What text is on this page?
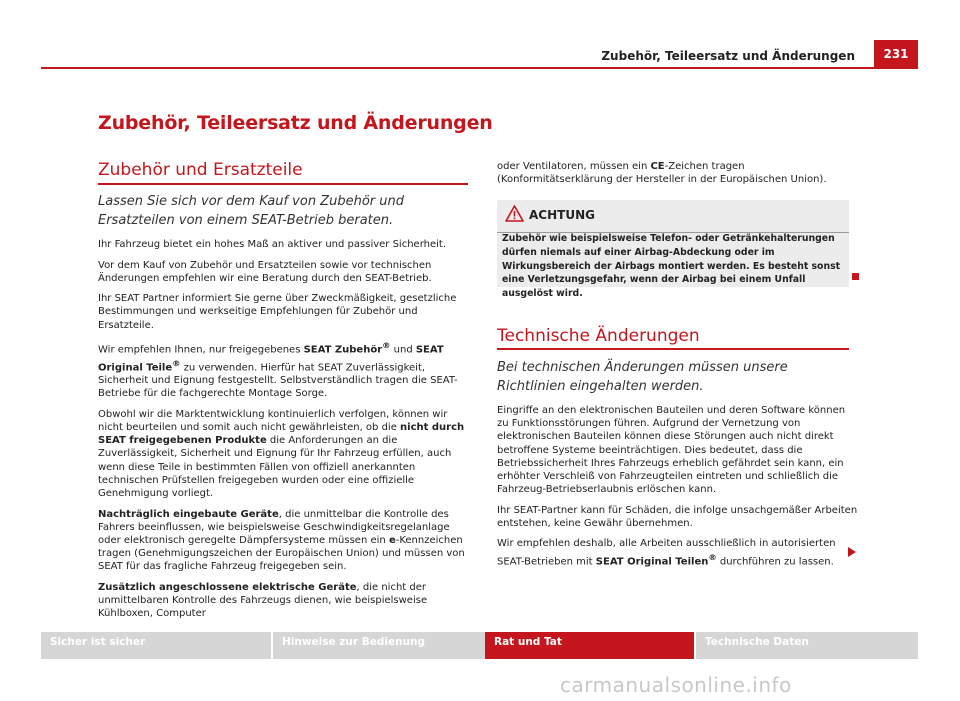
Zubehör, Teileersatz und Änderungen	231
Zubehör, Teileersatz und Änderungen
Zubehör und Ersatzteile

Lassen Sie sich vor dem Kauf von Zubehör und Ersatzteilen von einem SEAT-Betrieb beraten.

Ihr Fahrzeug bietet ein hohes Maß an aktiver und passiver Sicherheit.

Vor dem Kauf von Zubehör und Ersatzteilen sowie vor technischen Änderungen empfehlen wir eine Beratung durch den SEAT-Betrieb.

Ihr SEAT Partner informiert Sie gerne über Zweckmäßigkeit, gesetzliche Bestimmungen und werkseitige Empfehlungen für Zubehör und Ersatzteile.

Wir empfehlen Ihnen, nur freigegebenes SEAT Zubehör® und SEAT Original Teile® zu verwenden. Hierfür hat SEAT Zuverlässigkeit, Sicherheit und Eignung festgestellt. Selbstverständlich tragen die SEAT-Betriebe für die fachgerechte Montage Sorge.

Obwohl wir die Marktentwicklung kontinuierlich verfolgen, können wir nicht beurteilen und somit auch nicht gewährleisten, ob die nicht durch SEAT freigegebenen Produkte die Anforderungen an die Zuverlässigkeit, Sicherheit und Eignung für Ihr Fahrzeug erfüllen, auch wenn diese Teile in bestimmten Fällen von offiziell anerkannten technischen Prüfstellen freigegeben wurden oder eine offizielle Genehmigung vorliegt.

Nachträglich eingebaute Geräte, die unmittelbar die Kontrolle des Fahrers beeinflussen, wie beispielsweise Geschwindigkeitsregelanlage oder elektronisch geregelte Dämpfersysteme müssen ein e-Kennzeichen tragen (Genehmigungszeichen der Europäischen Union) und müssen von SEAT für das fragliche Fahrzeug freigegeben sein.

Zusätzlich angeschlossene elektrische Geräte, die nicht der unmittelbaren Kontrolle des Fahrzeugs dienen, wie beispielsweise Kühlboxen, Computer

oder Ventilatoren, müssen ein CE-Zeichen tragen (Konformitätserklärung der Hersteller in der Europäischen Union).

ACHTUNG
Zubehör wie beispielsweise Telefon- oder Getränkehalterungen dürfen niemals auf einer Airbag-Abdeckung oder im Wirkungsbereich der Airbags montiert werden. Es besteht sonst eine Verletzungsgefahr, wenn der Airbag bei einem Unfall ausgelöst wird.
Technische Änderungen

Bei technischen Änderungen müssen unsere Richtlinien eingehalten werden.

Eingriffe an den elektronischen Bauteilen und deren Software können zu Funktionsstörungen führen. Aufgrund der Vernetzung von elektronischen Bauteilen können diese Störungen auch nicht direkt betroffene Systeme beeinträchtigen. Dies bedeutet, dass die Betriebssicherheit Ihres Fahrzeugs erheblich gefährdet sein kann, ein erhöhter Verschleiß von Fahrzeugteilen eintreten und schließlich die Fahrzeug-Betriebserlaubnis erlöschen kann.

Ihr SEAT-Partner kann für Schäden, die infolge unsachgemäßer Arbeiten entstehen, keine Gewähr übernehmen.

Wir empfehlen deshalb, alle Arbeiten ausschließlich in autorisierten SEAT-Betrieben mit SEAT Original Teilen® durchführen zu lassen.

Sicher ist sicher	Hinweise zur Bedienung	Rat und Tat	Technische Daten
carmanualsonline.info
